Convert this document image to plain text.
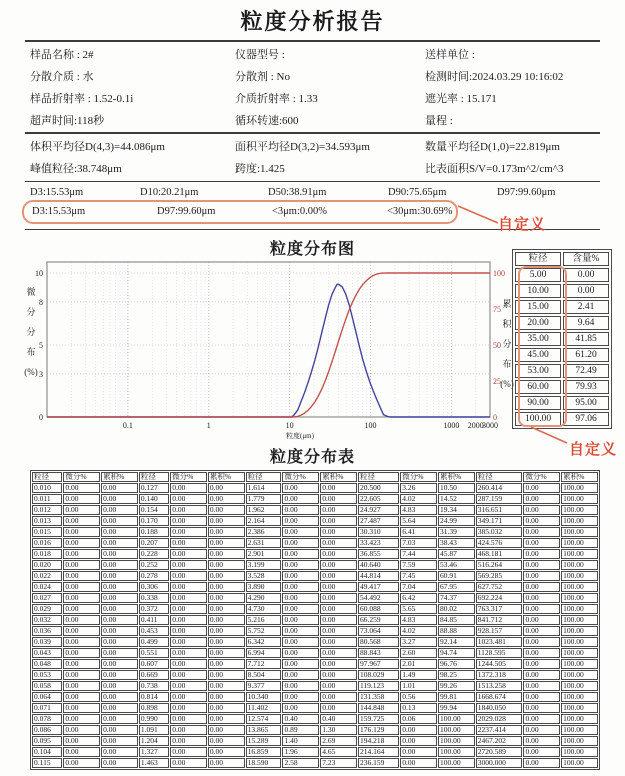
粒度分析报告
样品名称 : 2#	仪器型号 :	送样单位 :
分散介质 : 水	分散剂 : No	检测时间:2024.03.29 10:16:02
样品折射率 : 1.52-0.1i	介质折射率 : 1.33	遮光率 : 15.171
超声时间:118秒	循环转速:600	量程 :
体积平均径D(4,3)=44.086μm	面积平均径D(3,2)=34.593μm	数量平均径D(1,0)=22.819μm
峰值粒径:38.748μm	跨度:1.425	比表面积S/V=0.173m^2/cm^3
D3:15.53μm	D10:20.21μm	D50:38.91μm	D90:75.65μm	D97:99.60μm
D3:15.53μm	D97:99.60μm	<3μm:0.00%	<30μm:30.69%
自定义
粒度分布图
0
3
5
8
10
0
25
50
75
100
0.1	1	10	100	1000 2000
3000
粒度(μm)
微
分
分
布
(%)
累
积
分
布
(%)
粒径	含量%
5.00	0.00
10.00	0.00
15.00	2.41
20.00	9.64
35.00	41.85
45.00	61.20
53.00	72.49
60.00	79.93
90.00	95.00
100.00	97.06
自定义
粒度分布表
粒径	微分%	累积%	粒径	微分%	累积%	粒径	微分%	累积%	粒径	微分%	累积%	粒径	微分%	累积%
0.010	0.00	0.00	0.127	0.00	0.00	1.614	0.00	0.00	20.500	3.26	10.50	260.414	0.00	100.00
0.011	0.00	0.00	0.140	0.00	0.00	1.779	0.00	0.00	22.605	4.02	14.52	287.159	0.00	100.00
0.012	0.00	0.00	0.154	0.00	0.00	1.962	0.00	0.00	24.927	4.83	19.34	316.651	0.00	100.00
0.013	0.00	0.00	0.170	0.00	0.00	2.164	0.00	0.00	27.487	5.64	24.99	349.171	0.00	100.00
0.015	0.00	0.00	0.188	0.00	0.00	2.386	0.00	0.00	30.310	6.41	31.39	385.032	0.00	100.00
0.016	0.00	0.00	0.207	0.00	0.00	2.631	0.00	0.00	33.423	7.03	38.43	424.576	0.00	100.00
0.018	0.00	0.00	0.228	0.00	0.00	2.901	0.00	0.00	36.855	7.44	45.87	468.181	0.00	100.00
0.020	0.00	0.00	0.252	0.00	0.00	3.199	0.00	0.00	40.640	7.59	53.46	516.264	0.00	100.00
0.022	0.00	0.00	0.278	0.00	0.00	3.528	0.00	0.00	44.814	7.45	60.91	569.285	0.00	100.00
0.024	0.00	0.00	0.306	0.00	0.00	3.890	0.00	0.00	49.417	7.04	67.95	627.752	0.00	100.00
0.027	0.00	0.00	0.338	0.00	0.00	4.290	0.00	0.00	54.492	6.42	74.37	692.224	0.00	100.00
0.029	0.00	0.00	0.372	0.00	0.00	4.730	0.00	0.00	60.088	5.65	80.02	763.317	0.00	100.00
0.032	0.00	0.00	0.411	0.00	0.00	5.216	0.00	0.00	66.259	4.83	84.85	841.712	0.00	100.00
0.036	0.00	0.00	0.453	0.00	0.00	5.752	0.00	0.00	73.064	4.02	88.88	928.157	0.00	100.00
0.039	0.00	0.00	0.499	0.00	0.00	6.342	0.00	0.00	80.568	3.27	92.14	1023.481	0.00	100.00
0.043	0.00	0.00	0.551	0.00	0.00	6.994	0.00	0.00	88.843	2.60	94.74	1128.595	0.00	100.00
0.048	0.00	0.00	0.607	0.00	0.00	7.712	0.00	0.00	97.967	2.01	96.76	1244.505	0.00	100.00
0.053	0.00	0.00	0.669	0.00	0.00	8.504	0.00	0.00	108.029	1.49	98.25	1372.318	0.00	100.00
0.058	0.00	0.00	0.738	0.00	0.00	9.377	0.00	0.00	119.123	1.01	99.26	1513.258	0.00	100.00
0.064	0.00	0.00	0.814	0.00	0.00	10.340	0.00	0.00	131.358	0.56	99.81	1668.674	0.00	100.00
0.071	0.00	0.00	0.898	0.00	0.00	11.402	0.00	0.00	144.848	0.13	99.94	1840.050	0.00	100.00
0.078	0.00	0.00	0.990	0.00	0.00	12.574	0.40	0.40	159.725	0.06	100.00	2029.028	0.00	100.00
0.086	0.00	0.00	1.091	0.00	0.00	13.865	0.89	1.30	176.129	0.00	100.00	2237.414	0.00	100.00
0.095	0.00	0.00	1.204	0.00	0.00	15.289	1.40	2.69	194.218	0.00	100.00	2467.202	0.00	100.00
0.104	0.00	0.00	1.327	0.00	0.00	16.859	1.96	4.65	214.164	0.00	100.00	2720.589	0.00	100.00
0.115	0.00	0.00	1.463	0.00	0.00	18.590	2.58	7.23	236.159	0.00	100.00	3000.000	0.00	100.00
